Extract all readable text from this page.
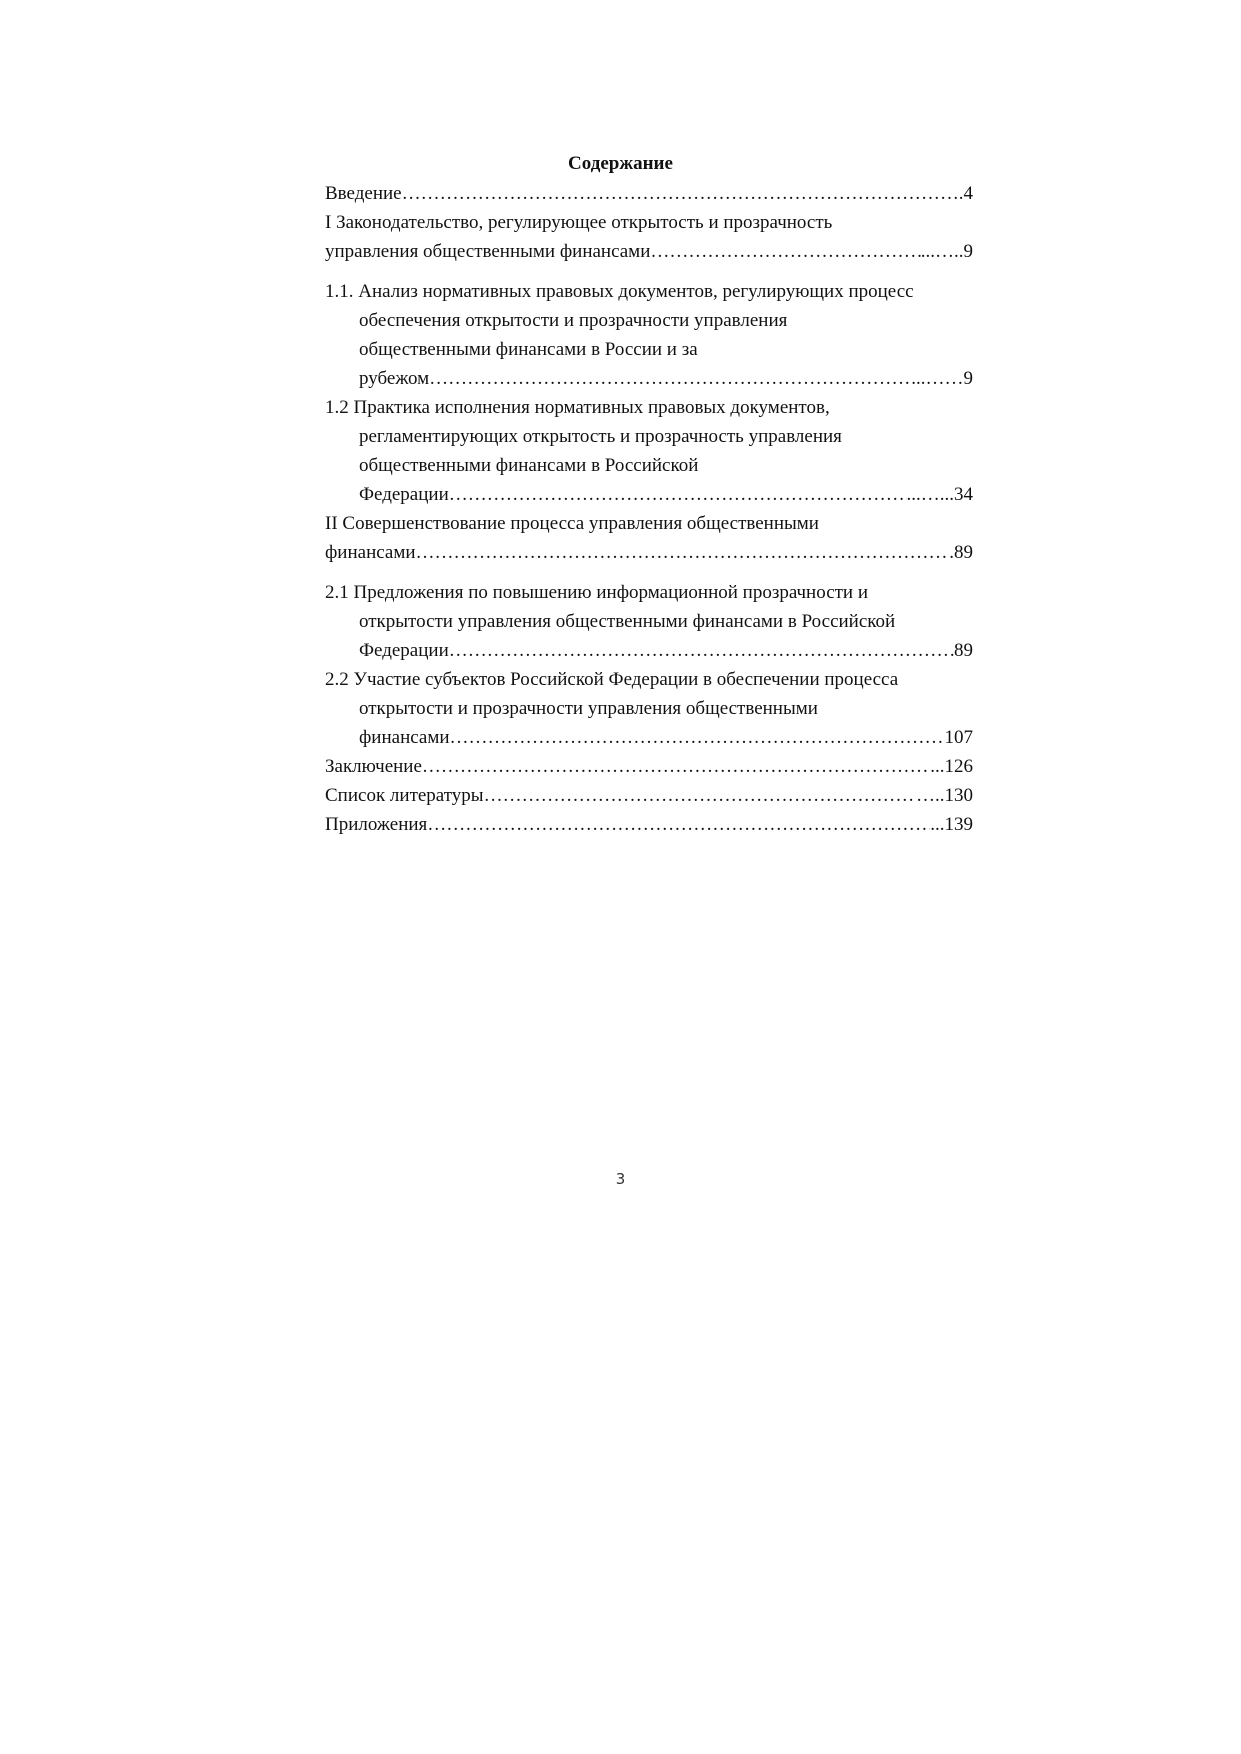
Содержание
Введение ……………………………………………………………………………………………………………………………………	.4
I Законодательство, регулирующее открытость и прозрачность
управления общественными финансами ……………………………………………………………………………………………………………………………………	...…..9
1.1. Анализ нормативных правовых документов, регулирующих процесс
обеспечения открытости и прозрачности управления
общественными финансами в России и за
рубежом ……………………………………………………………………………………………………………………………………	...……9
1.2 Практика исполнения нормативных правовых документов,
регламентирующих открытость и прозрачность управления
общественными финансами в Российской
Федерации ……………………………………………………………………………………………………………………………………	...…...34
II Совершенствование процесса управления общественными
финансами ……………………………………………………………………………………………………………………………………	.89
2.1 Предложения по повышению информационной прозрачности и
открытости управления общественными финансами в Российской
Федерации ……………………………………………………………………………………………………………………………………	89
2.2 Участие субъектов Российской Федерации в обеспечении процесса
открытости и прозрачности управления общественными
финансами ……………………………………………………………………………………………………………………………………	107
Заключение ……………………………………………………………………………………………………………………………………	...126
Список литературы ……………………………………………………………………………………………………………………………………	…..130
Приложения ……………………………………………………………………………………………………………………………………	...139
3
